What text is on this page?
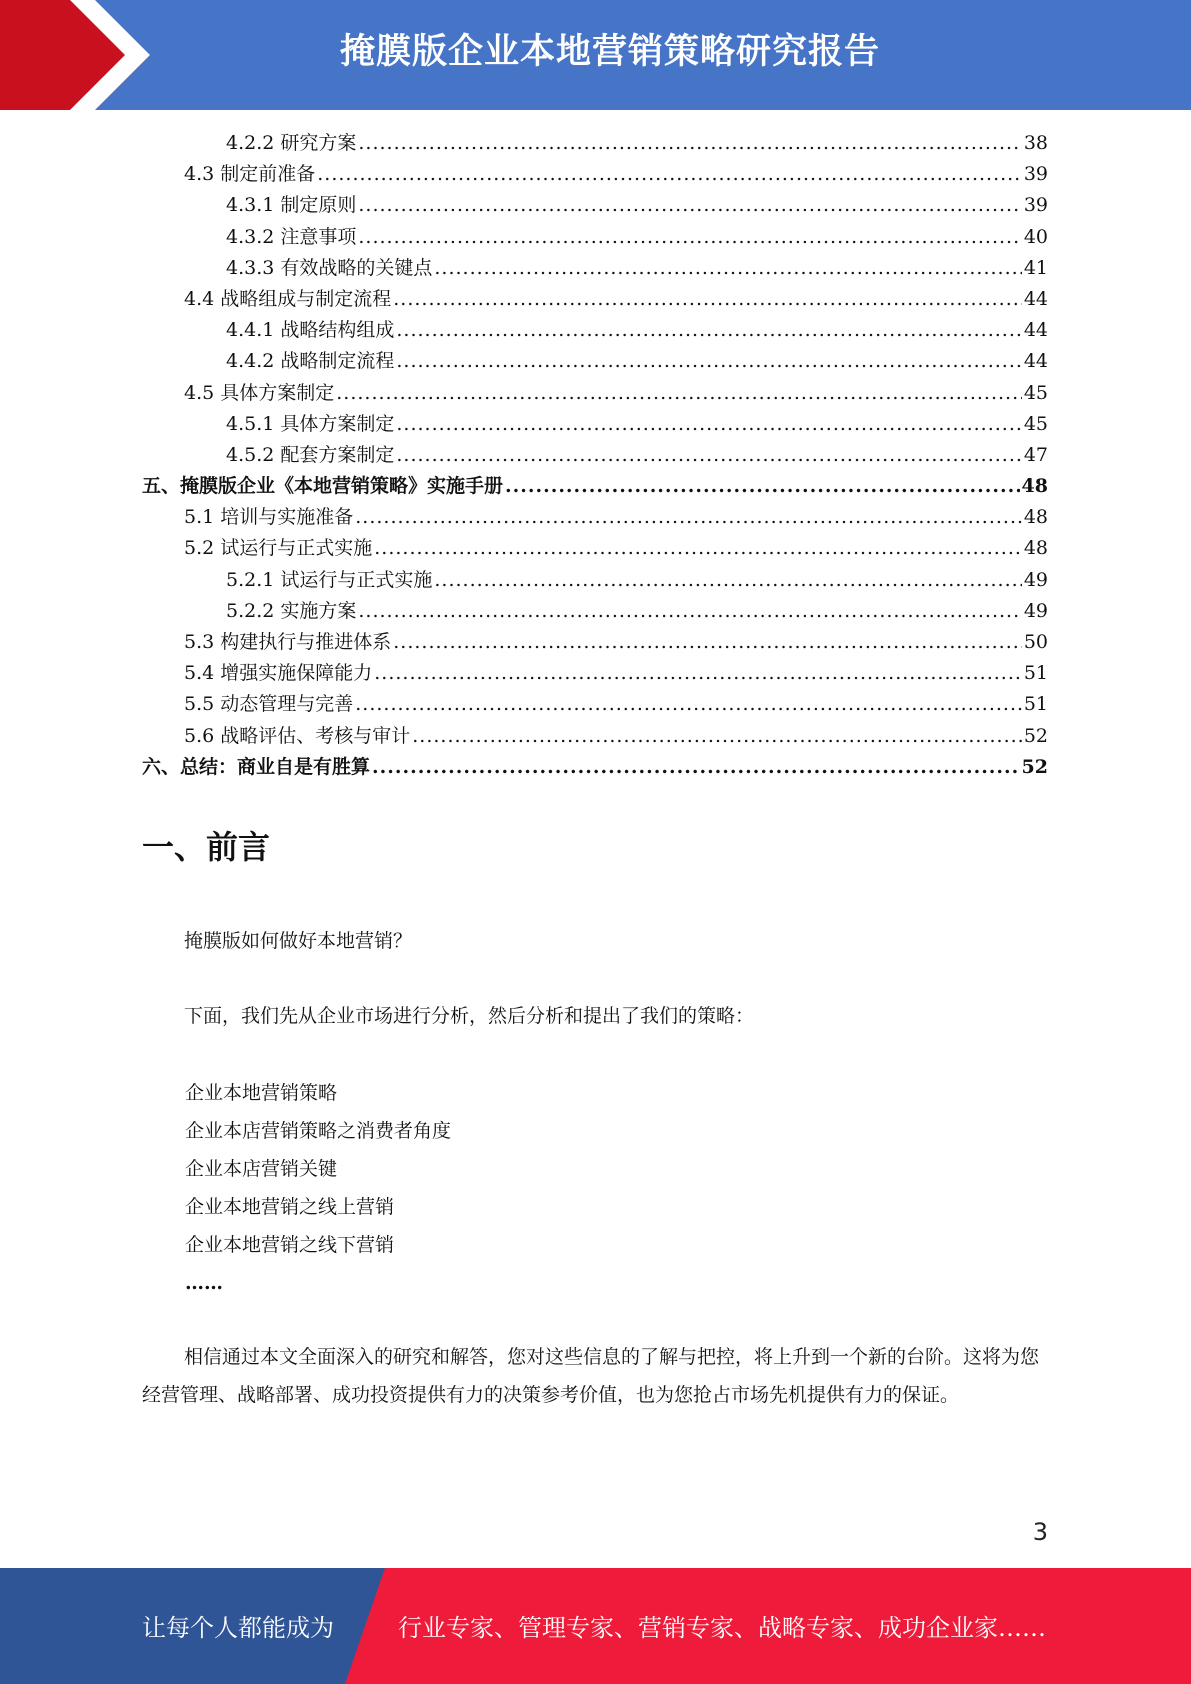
掩膜版企业本地营销策略研究报告
4.2.2 研究方案 .....	38
4.3 制定前准备 .....	39
4.3.1 制定原则 .....	39
4.3.2 注意事项 .....	40
4.3.3 有效战略的关键点 .....	41
4.4 战略组成与制定流程 .....	44
4.4.1 战略结构组成 .....	44
4.4.2 战略制定流程 .....	44
4.5 具体方案制定 .....	45
4.5.1 具体方案制定 .....	45
4.5.2 配套方案制定 .....	47
五、掩膜版企业《本地营销策略》实施手册 .....	48
5.1 培训与实施准备 .....	48
5.2 试运行与正式实施 .....	48
5.2.1 试运行与正式实施 .....	49
5.2.2 实施方案 .....	49
5.3 构建执行与推进体系 .....	50
5.4 增强实施保障能力 .....	51
5.5 动态管理与完善 .....	51
5.6 战略评估、考核与审计 .....	52
六、总结：商业自是有胜算 .....	52
一、前言

掩膜版如何做好本地营销？

下面，我们先从企业市场进行分析，然后分析和提出了我们的策略：

企业本地营销策略
企业本店营销策略之消费者角度
企业本店营销关键
企业本地营销之线上营销
企业本地营销之线下营销
……

相信通过本文全面深入的研究和解答，您对这些信息的了解与把控，将上升到一个新的台阶。这将为您经营管理、战略部署、成功投资提供有力的决策参考价值，也为您抢占市场先机提供有力的保证。

3
让每个人都能成为	行业专家、管理专家、营销专家、战略专家、成功企业家……
